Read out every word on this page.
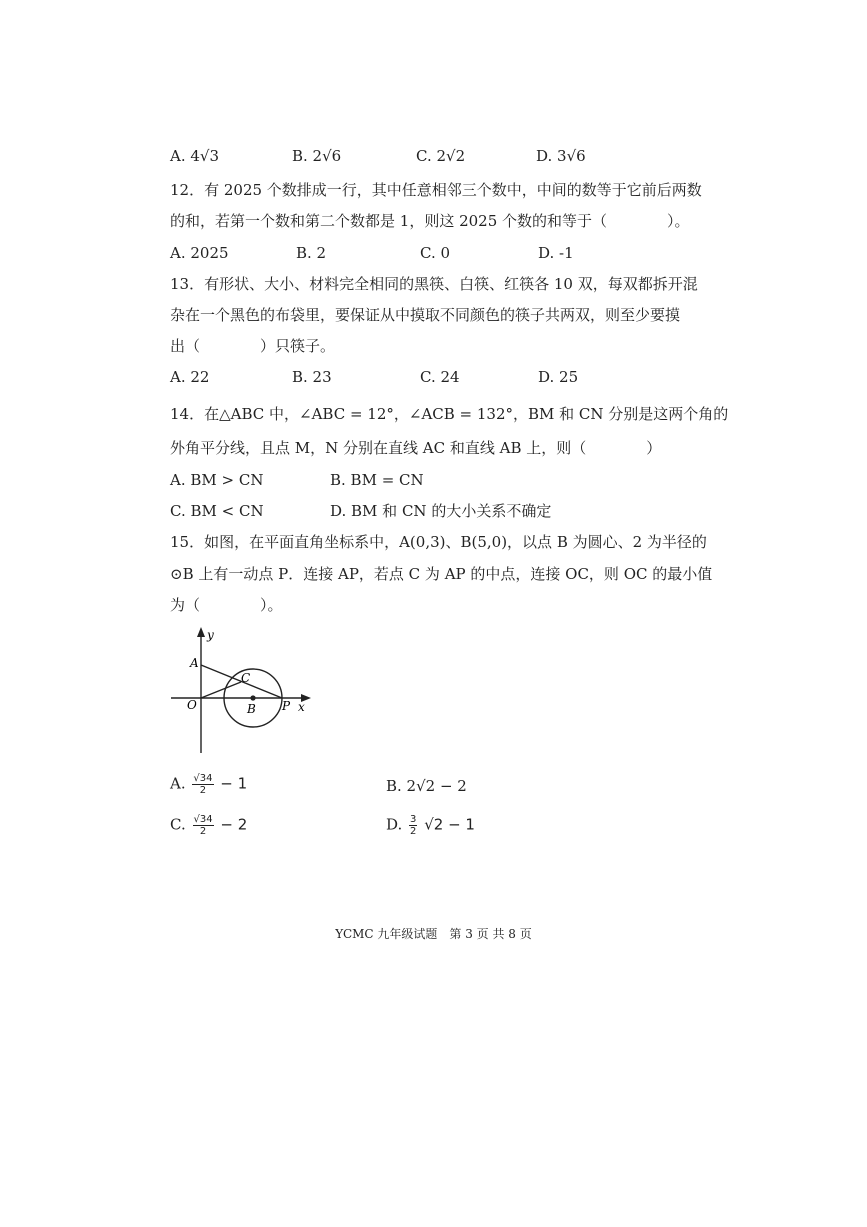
A. 4√3	B. 2√6	C. 2√2	D. 3√6
12．有 2025 个数排成一行，其中任意相邻三个数中，中间的数等于它前后两数
的和，若第一个数和第二个数都是 1，则这 2025 个数的和等于（　　　　）。
A. 2025	B. 2	C. 0	D. -1
13．有形状、大小、材料完全相同的黑筷、白筷、红筷各 10 双，每双都拆开混
杂在一个黑色的布袋里，要保证从中摸取不同颜色的筷子共两双，则至少要摸
出（　　　　）只筷子。
A. 22	B. 23	C. 24	D. 25
14．在△ABC 中，∠ABC = 12°，∠ACB = 132°，BM 和 CN 分别是这两个角的
外角平分线，且点 M，N 分别在直线 AC 和直线 AB 上，则（　　　　）
A. BM > CN	B. BM = CN
C. BM < CN	D. BM 和 CN 的大小关系不确定
15．如图，在平面直角坐标系中，A(0,3)、B(5,0)，以点 B 为圆心、2 为半径的
⊙B 上有一动点 P．连接 AP，若点 C 为 AP 的中点，连接 OC，则 OC 的最小值
为（　　　　）。
y
A
C
O	B P x
A. $\frac{√34}{2} - 1$	B. 2√2 − 2
C. $\frac{√34}{2} - 2$	D. $\frac{3}{2} √2 - 1$
YCMC 九年级试题　第 3 页 共 8 页
